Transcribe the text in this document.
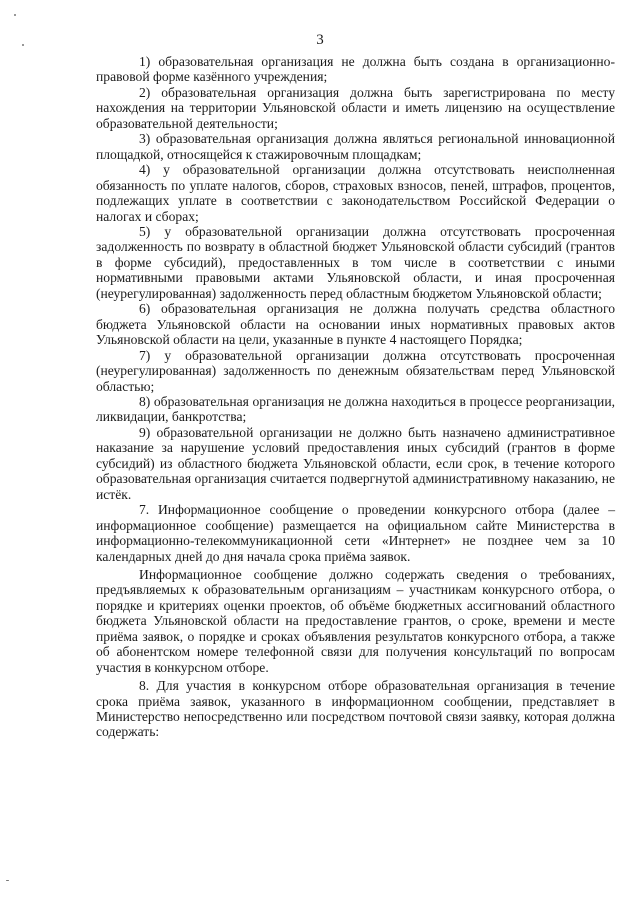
3

1) образовательная организация не должна быть создана в организационно-правовой форме казённого учреждения;

2) образовательная организация должна быть зарегистрирована по месту нахождения на территории Ульяновской области и иметь лицензию на осуществление образовательной деятельности;

3) образовательная организация должна являться региональной инновационной площадкой, относящейся к стажировочным площадкам;

4) у образовательной организации должна отсутствовать неисполненная обязанность по уплате налогов, сборов, страховых взносов, пеней, штрафов, процентов, подлежащих уплате в соответствии с законодательством Российской Федерации о налогах и сборах;

5) у образовательной организации должна отсутствовать просроченная задолженность по возврату в областной бюджет Ульяновской области субсидий (грантов в форме субсидий), предоставленных в том числе в соответствии с иными нормативными правовыми актами Ульяновской области, и иная просроченная (неурегулированная) задолженность перед областным бюджетом Ульяновской области;

6) образовательная организация не должна получать средства областного бюджета Ульяновской области на основании иных нормативных правовых актов Ульяновской области на цели, указанные в пункте 4 настоящего Порядка;

7) у образовательной организации должна отсутствовать просроченная (неурегулированная) задолженность по денежным обязательствам перед Ульяновской областью;

8) образовательная организация не должна находиться в процессе реорганизации, ликвидации, банкротства;

9) образовательной организации не должно быть назначено административное наказание за нарушение условий предоставления иных субсидий (грантов в форме субсидий) из областного бюджета Ульяновской области, если срок, в течение которого образовательная организация считается подвергнутой административному наказанию, не истёк.

7. Информационное сообщение о проведении конкурсного отбора (далее – информационное сообщение) размещается на официальном сайте Министерства в информационно-телекоммуникационной сети «Интернет» не позднее чем за 10 календарных дней до дня начала срока приёма заявок.

Информационное сообщение должно содержать сведения о требованиях, предъявляемых к образовательным организациям – участникам конкурсного отбора, о порядке и критериях оценки проектов, об объёме бюджетных ассигнований областного бюджета Ульяновской области на предоставление грантов, о сроке, времени и месте приёма заявок, о порядке и сроках объявления результатов конкурсного отбора, а также об абонентском номере телефонной связи для получения консультаций по вопросам участия в конкурсном отборе.

8. Для участия в конкурсном отборе образовательная организация в течение срока приёма заявок, указанного в информационном сообщении, представляет в Министерство непосредственно или посредством почтовой связи заявку, которая должна содержать:
